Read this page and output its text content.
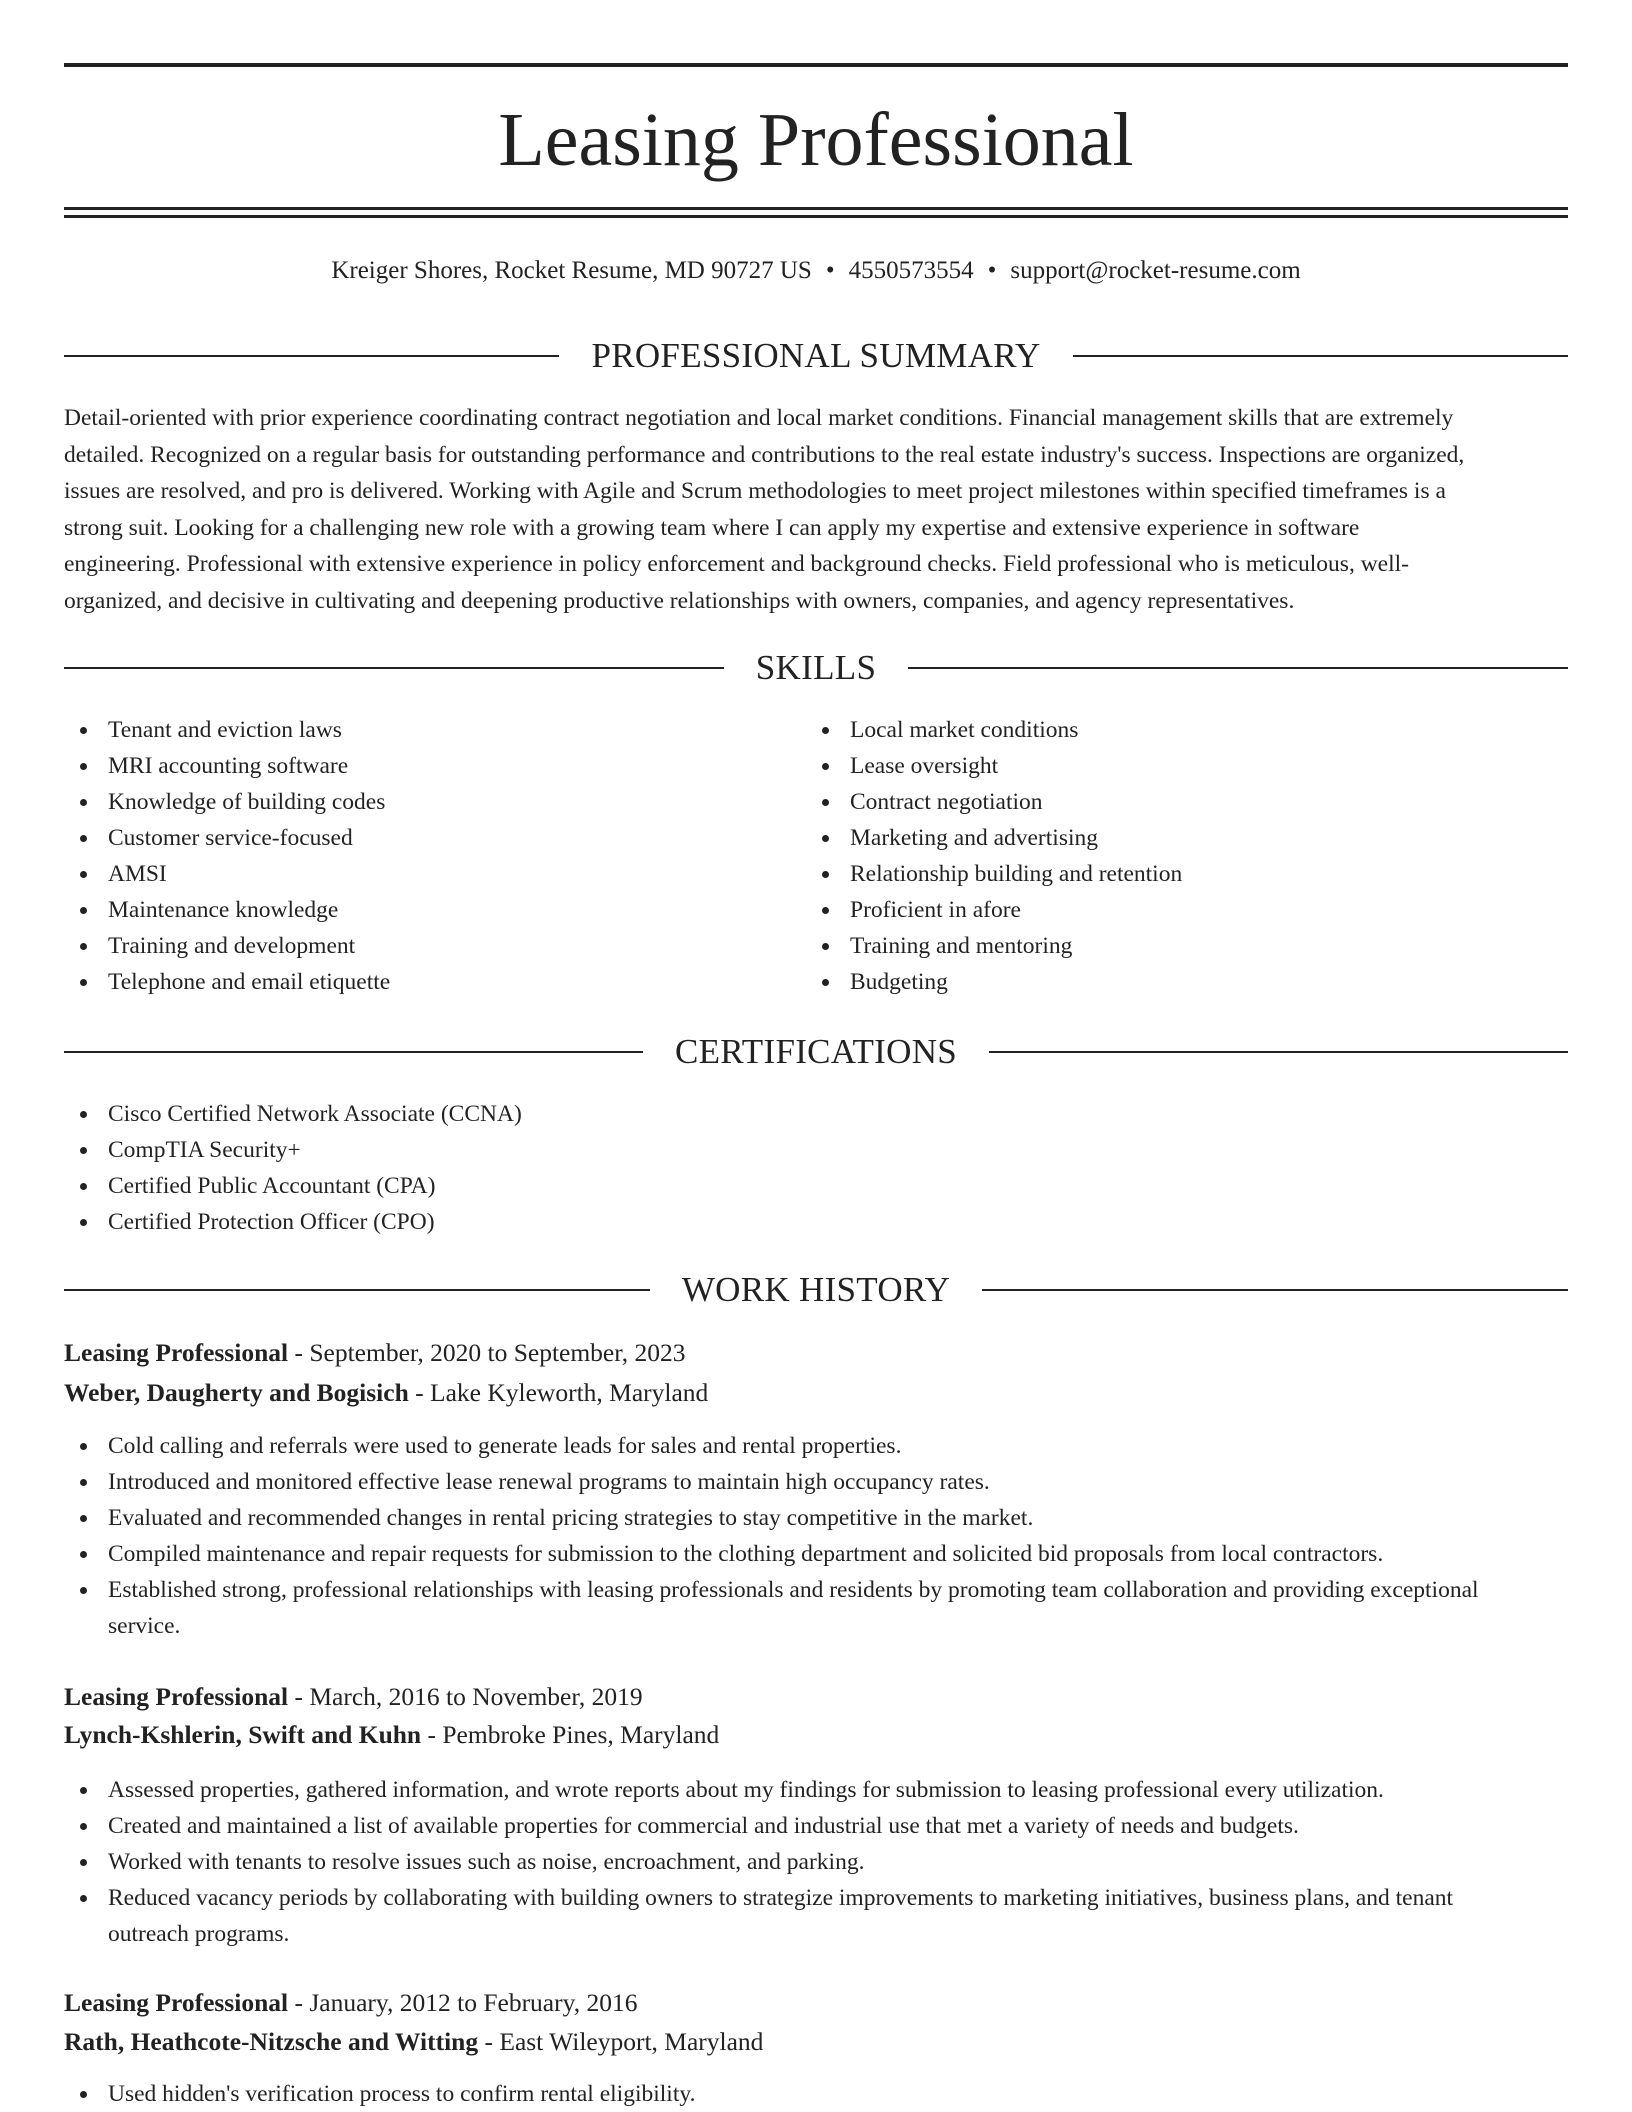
Leasing Professional
Kreiger Shores, Rocket Resume, MD 90727 US • 4550573554 • support@rocket-resume.com
PROFESSIONAL SUMMARY
Detail-oriented with prior experience coordinating contract negotiation and local market conditions. Financial management skills that are extremely
detailed. Recognized on a regular basis for outstanding performance and contributions to the real estate industry's success. Inspections are organized,
issues are resolved, and pro is delivered. Working with Agile and Scrum methodologies to meet project milestones within specified timeframes is a
strong suit. Looking for a challenging new role with a growing team where I can apply my expertise and extensive experience in software
engineering. Professional with extensive experience in policy enforcement and background checks. Field professional who is meticulous, well-
organized, and decisive in cultivating and deepening productive relationships with owners, companies, and agency representatives.
SKILLS
Tenant and eviction laws
MRI accounting software
Knowledge of building codes
Customer service-focused
AMSI
Maintenance knowledge
Training and development
Telephone and email etiquette
Local market conditions
Lease oversight
Contract negotiation
Marketing and advertising
Relationship building and retention
Proficient in afore
Training and mentoring
Budgeting
CERTIFICATIONS
Cisco Certified Network Associate (CCNA)
CompTIA Security+
Certified Public Accountant (CPA)
Certified Protection Officer (CPO)
WORK HISTORY
Leasing Professional - September, 2020 to September, 2023
Weber, Daugherty and Bogisich - Lake Kyleworth, Maryland
Cold calling and referrals were used to generate leads for sales and rental properties.
Introduced and monitored effective lease renewal programs to maintain high occupancy rates.
Evaluated and recommended changes in rental pricing strategies to stay competitive in the market.
Compiled maintenance and repair requests for submission to the clothing department and solicited bid proposals from local contractors.
Established strong, professional relationships with leasing professionals and residents by promoting team collaboration and providing exceptional
service.
Leasing Professional - March, 2016 to November, 2019
Lynch-Kshlerin, Swift and Kuhn - Pembroke Pines, Maryland
Assessed properties, gathered information, and wrote reports about my findings for submission to leasing professional every utilization.
Created and maintained a list of available properties for commercial and industrial use that met a variety of needs and budgets.
Worked with tenants to resolve issues such as noise, encroachment, and parking.
Reduced vacancy periods by collaborating with building owners to strategize improvements to marketing initiatives, business plans, and tenant
outreach programs.
Leasing Professional - January, 2012 to February, 2016
Rath, Heathcote-Nitzsche and Witting - East Wileyport, Maryland
Used hidden's verification process to confirm rental eligibility.
